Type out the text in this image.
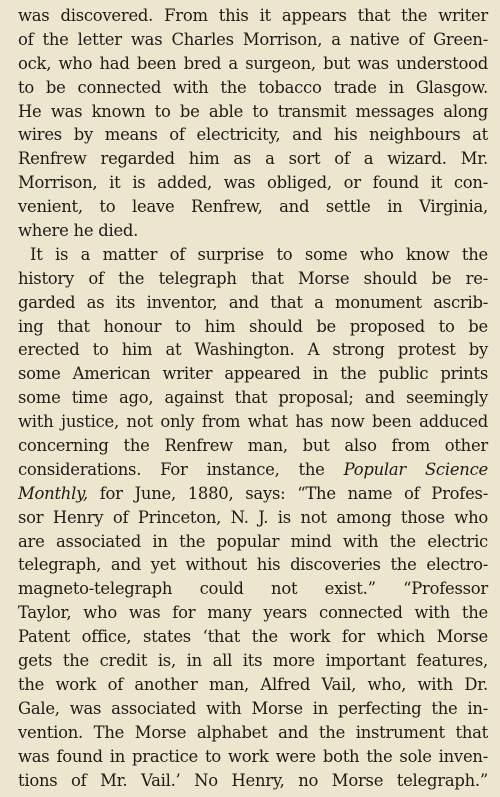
was discovered. From this it appears that the writer
of the letter was Charles Morrison, a native of Green-
ock, who had been bred a surgeon, but was understood
to be connected with the tobacco trade in Glasgow.
He was known to be able to transmit messages along
wires by means of electricity, and his neighbours at
Renfrew regarded him as a sort of a wizard. Mr.
Morrison, it is added, was obliged, or found it con-
venient, to leave Renfrew, and settle in Virginia,
where he died.
It is a matter of surprise to some who know the
history of the telegraph that Morse should be re-
garded as its inventor, and that a monument ascrib-
ing that honour to him should be proposed to be
erected to him at Washington. A strong protest by
some American writer appeared in the public prints
some time ago, against that proposal; and seemingly
with justice, not only from what has now been adduced
concerning the Renfrew man, but also from other
considerations. For instance, the Popular Science
Monthly, for June, 1880, says: “The name of Profes-
sor Henry of Princeton, N. J. is not among those who
are associated in the popular mind with the electric
telegraph, and yet without his discoveries the electro-
magneto-telegraph could not exist.” “Professor
Taylor, who was for many years connected with the
Patent office, states ‘that the work for which Morse
gets the credit is, in all its more important features,
the work of another man, Alfred Vail, who, with Dr.
Gale, was associated with Morse in perfecting the in-
vention. The Morse alphabet and the instrument that
was found in practice to work were both the sole inven-
tions of Mr. Vail.’ No Henry, no Morse telegraph.”
